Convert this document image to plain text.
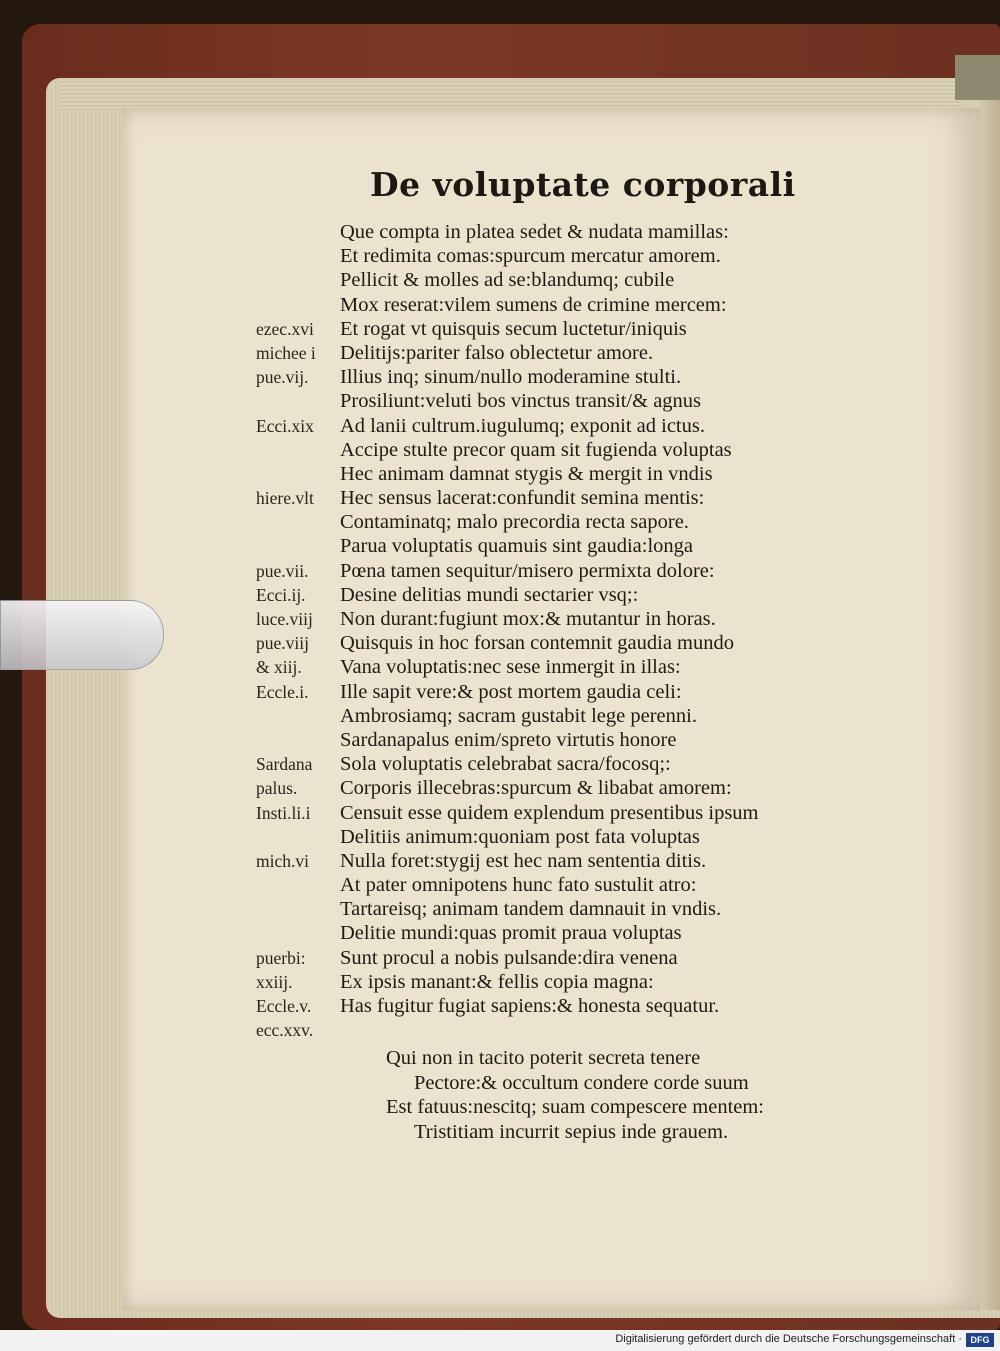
De voluptate corporali
ezec.xvi
michee i
pue.vij.
Ecci.xix
hiere.vlt
pue.vii.
Ecci.ij.
luce.viij
pue.viij
& xiij.
Eccle.i.
Sardana
palus.
Insti.li.i
mich.vi
puerbi:
xxiij.
Eccle.v.
ecc.xxv.
Que compta in platea sedet & nudata mamillas:
Et redimita comas:spurcum mercatur amorem.
Pellicit & molles ad se:blandumq; cubile
Mox reserat:vilem sumens de crimine mercem:
Et rogat vt quisquis secum luctetur/iniquis
Delitijs:pariter falso oblectetur amore.
Illius inq; sinum/nullo moderamine stulti.
Prosiliunt:veluti bos vinctus transit/& agnus
Ad lanii cultrum.iugulumq; exponit ad ictus.
Accipe stulte precor quam sit fugienda voluptas
Hec animam damnat stygis & mergit in vndis
Hec sensus lacerat:confundit semina mentis:
Contaminatq; malo precordia recta sapore.
Parua voluptatis quamuis sint gaudia:longa
Pœna tamen sequitur/misero permixta dolore:
Desine delitias mundi sectarier vsq;:
Non durant:fugiunt mox:& mutantur in horas.
Quisquis in hoc forsan contemnit gaudia mundo
Vana voluptatis:nec sese inmergit in illas:
Ille sapit vere:& post mortem gaudia celi:
Ambrosiamq; sacram gustabit lege perenni.
Sardanapalus enim/spreto virtutis honore
Sola voluptatis celebrabat sacra/focosq;:
Corporis illecebras:spurcum & libabat amorem:
Censuit esse quidem explendum presentibus ipsum
Delitiis animum:quoniam post fata voluptas
Nulla foret:stygij est hec nam sententia ditis.
At pater omnipotens hunc fato sustulit atro:
Tartareisq; animam tandem damnauit in vndis.
Delitie mundi:quas promit praua voluptas
Sunt procul a nobis pulsande:dira venena
Ex ipsis manant:& fellis copia magna:
Has fugitur fugiat sapiens:& honesta sequatur.
Qui non in tacito poterit secreta tenere
Pectore:& occultum condere corde suum
Est fatuus:nescitq; suam compescere mentem:
Tristitiam incurrit sepius inde grauem.
Digitalisierung gefördert durch die Deutsche Forschungsgemeinschaft · DFG
